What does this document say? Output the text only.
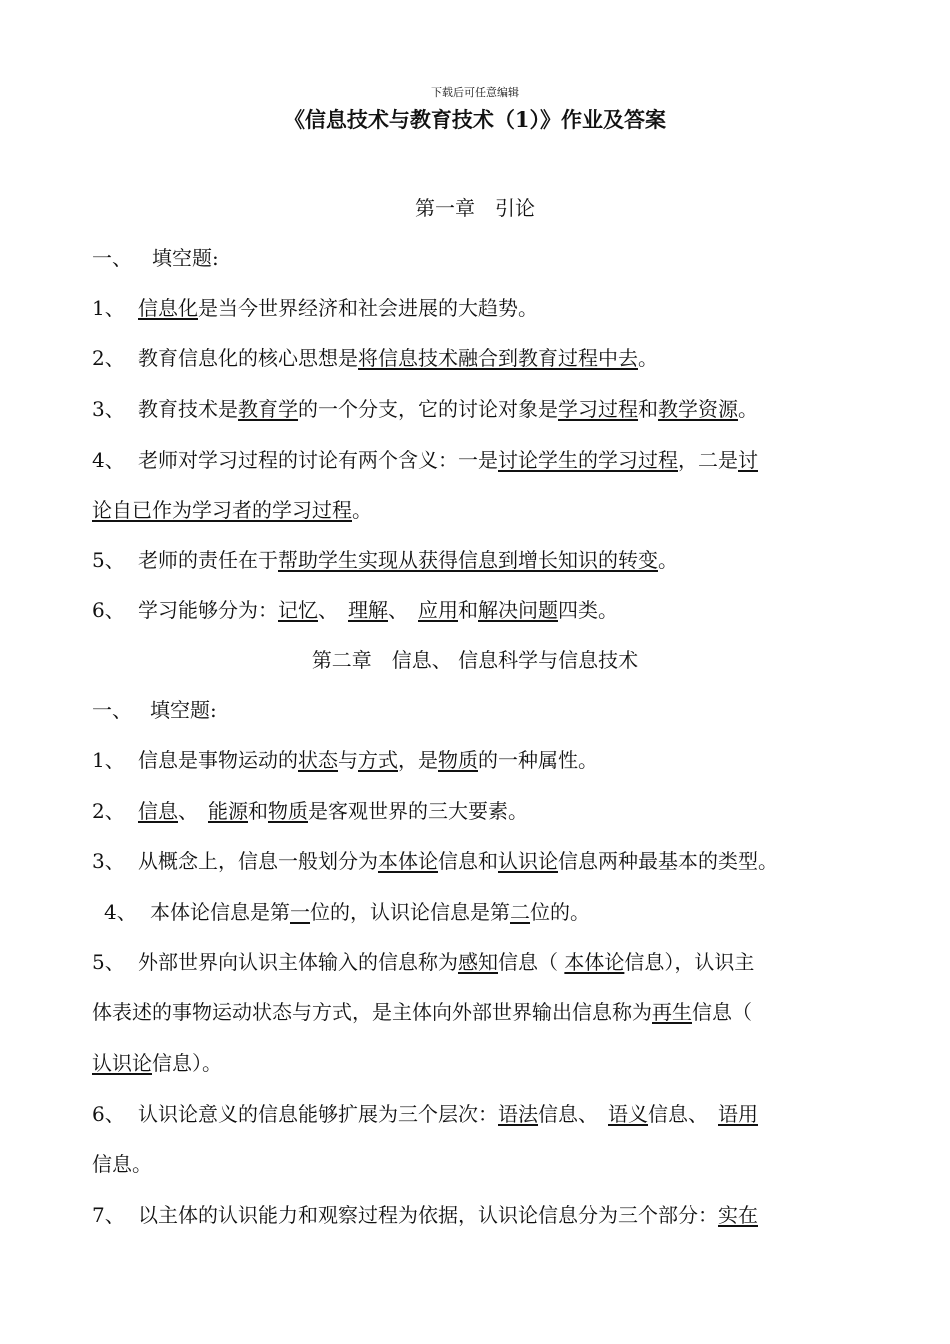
下载后可任意编辑
《信息技术与教育技术（1）》作业及答案
第一章　引论
一、 填空题:
1、 信息化是当今世界经济和社会进展的大趋势。
2、 教育信息化的核心思想是将信息技术融合到教育过程中去。
3、 教育技术是教育学的一个分支，它的讨论对象是学习过程和教学资源。
4、 老师对学习过程的讨论有两个含义：一是讨论学生的学习过程，二是讨
论自已作为学习者的学习过程。
5、 老师的责任在于帮助学生实现从获得信息到增长知识的转变。
6、 学习能够分为：记忆、　理解、　应用和解决问题四类。
第二章　信息、 信息科学与信息技术
一、 填空题:
1、 信息是事物运动的状态与方式，是物质的一种属性。
2、 信息、　能源和物质是客观世界的三大要素。
3、 从概念上，信息一般划分为本体论信息和认识论信息两种最基本的类型。
4、 本体论信息是第一位的，认识论信息是第二位的。
5、 外部世界向认识主体输入的信息称为感知信息（ 本体论信息），认识主
体表述的事物运动状态与方式，是主体向外部世界输出信息称为再生信息（
认识论信息）。
6、 认识论意义的信息能够扩展为三个层次：语法信息、　语义信息、　语用
信息。
7、 以主体的认识能力和观察过程为依据，认识论信息分为三个部分：实在
